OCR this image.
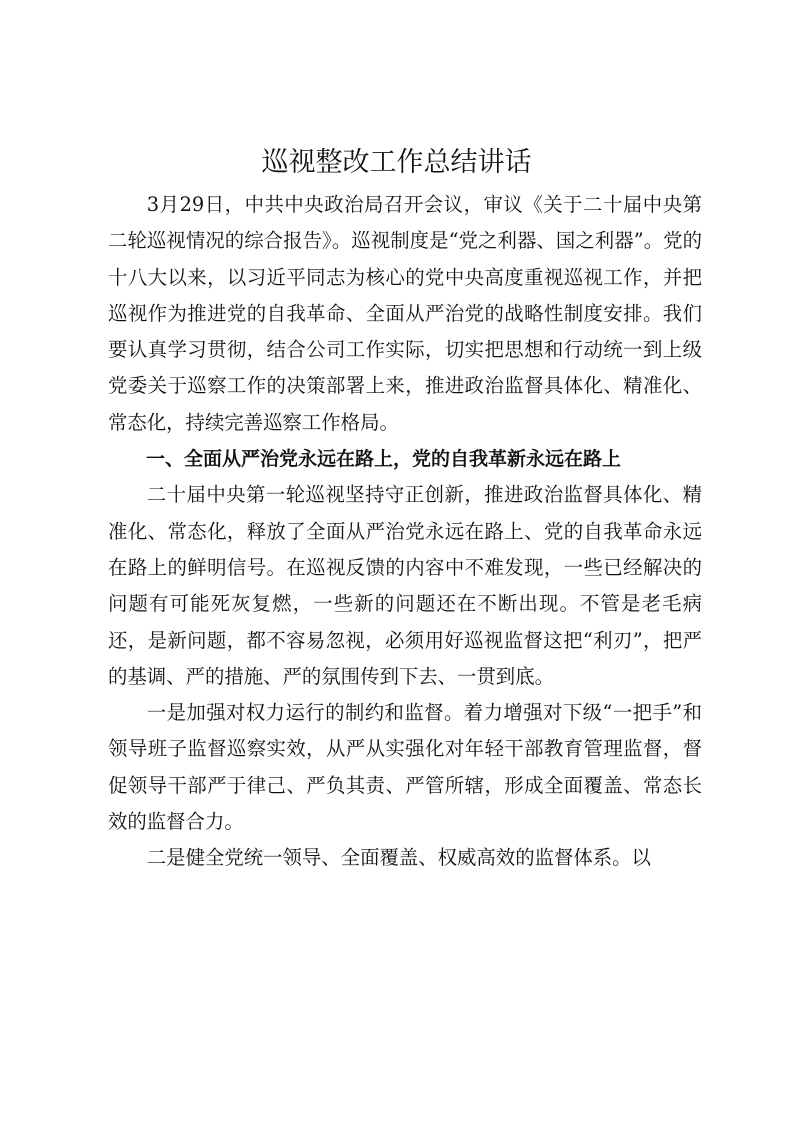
巡视整改工作总结讲话

3月29日，中共中央政治局召开会议，审议《关于二十届中央第二轮巡视情况的综合报告》。巡视制度是“党之利器、国之利器”。党的十八大以来，以习近平同志为核心的党中央高度重视巡视工作，并把巡视作为推进党的自我革命、全面从严治党的战略性制度安排。我们要认真学习贯彻，结合公司工作实际，切实把思想和行动统一到上级党委关于巡察工作的决策部署上来，推进政治监督具体化、精准化、常态化，持续完善巡察工作格局。

一、全面从严治党永远在路上，党的自我革新永远在路上

二十届中央第一轮巡视坚持守正创新，推进政治监督具体化、精准化、常态化，释放了全面从严治党永远在路上、党的自我革命永远在路上的鲜明信号。在巡视反馈的内容中不难发现，一些已经解决的问题有可能死灰复燃，一些新的问题还在不断出现。不管是老毛病还，是新问题，都不容易忽视，必须用好巡视监督这把“利刃”，把严的基调、严的措施、严的氛围传到下去、一贯到底。

一是加强对权力运行的制约和监督。着力增强对下级“一把手”和领导班子监督巡察实效，从严从实强化对年轻干部教育管理监督，督促领导干部严于律己、严负其责、严管所辖，形成全面覆盖、常态长效的监督合力。

二是健全党统一领导、全面覆盖、权威高效的监督体系。以
